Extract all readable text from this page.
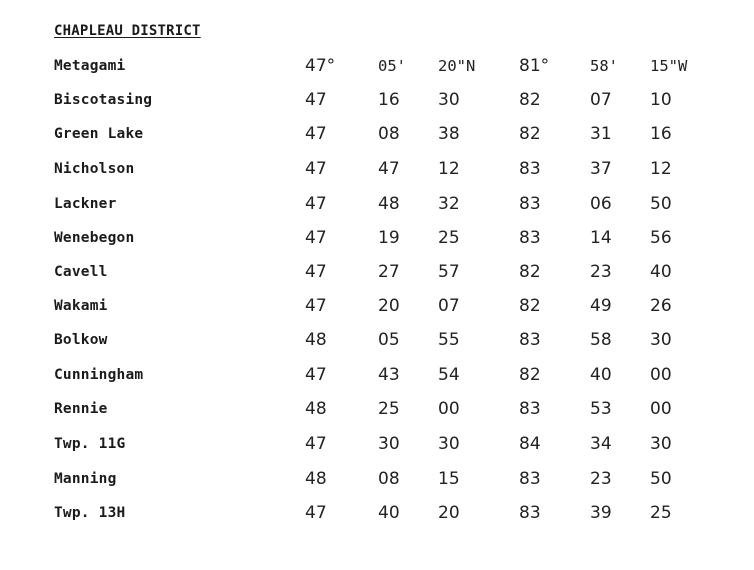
CHAPLEAU DISTRICT
Metagami	47°	05' 20"N	81°	58' 15"W
Biscotasing	47	16 30	82	07 10
Green Lake	47	08 38	82	31 16
Nicholson	47	47 12	83	37 12
Lackner	47	48 32	83	06 50
Wenebegon	47	19 25	83	14 56
Cavell	47	27 57	82	23 40
Wakami	47	20 07	82	49 26
Bolkow	48	05 55	83	58 30
Cunningham	47	43 54	82	40 00
Rennie	48	25 00	83	53 00
Twp. 11G	47	30 30	84	34 30
Manning	48	08 15	83	23 50
Twp. 13H	47	40 20	83	39 25
